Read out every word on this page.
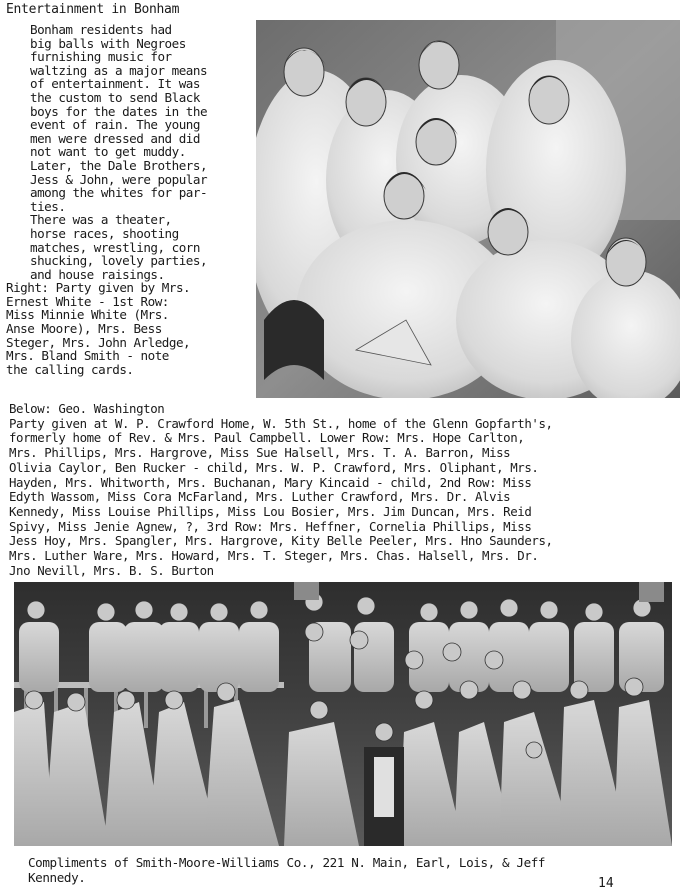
Entertainment in Bonham

Bonham residents had
big balls with Negroes
furnishing music for
waltzing as a major means
of entertainment. It was
the custom to send Black
boys for the dates in the
event of rain. The young
men were dressed and did
not want to get muddy.
Later, the Dale Brothers,
Jess & John, were popular
among the whites for par-
ties.

There was a theater,
horse races, shooting
matches, wrestling, corn
shucking, lovely parties,
and house raisings.

Right: Party given by Mrs.
Ernest White - 1st Row:
Miss Minnie White (Mrs.
Anse Moore), Mrs. Bess
Steger, Mrs. John Arledge,
Mrs. Bland Smith - note
the calling cards.

Below: Geo. Washington
Party given at W. P. Crawford Home, W. 5th St., home of the Glenn Gopfarth's,
formerly home of Rev. & Mrs. Paul Campbell. Lower Row: Mrs. Hope Carlton,
Mrs. Phillips, Mrs. Hargrove, Miss Sue Halsell, Mrs. T. A. Barron, Miss
Olivia Caylor, Ben Rucker - child, Mrs. W. P. Crawford, Mrs. Oliphant, Mrs.
Hayden, Mrs. Whitworth, Mrs. Buchanan, Mary Kincaid - child, 2nd Row: Miss
Edyth Wassom, Miss Cora McFarland, Mrs. Luther Crawford, Mrs. Dr. Alvis
Kennedy, Miss Louise Phillips, Miss Lou Bosier, Mrs. Jim Duncan, Mrs. Reid
Spivy, Miss Jenie Agnew, ?, 3rd Row: Mrs. Heffner, Cornelia Phillips, Miss
Jess Hoy, Mrs. Spangler, Mrs. Hargrove, Kity Belle Peeler, Mrs. Hno Saunders,
Mrs. Luther Ware, Mrs. Howard, Mrs. T. Steger, Mrs. Chas. Halsell, Mrs. Dr.
Jno Nevill, Mrs. B. S. Burton
Compliments of Smith-Moore-Williams Co., 221 N. Main, Earl, Lois, & Jeff
Kennedy.	14
